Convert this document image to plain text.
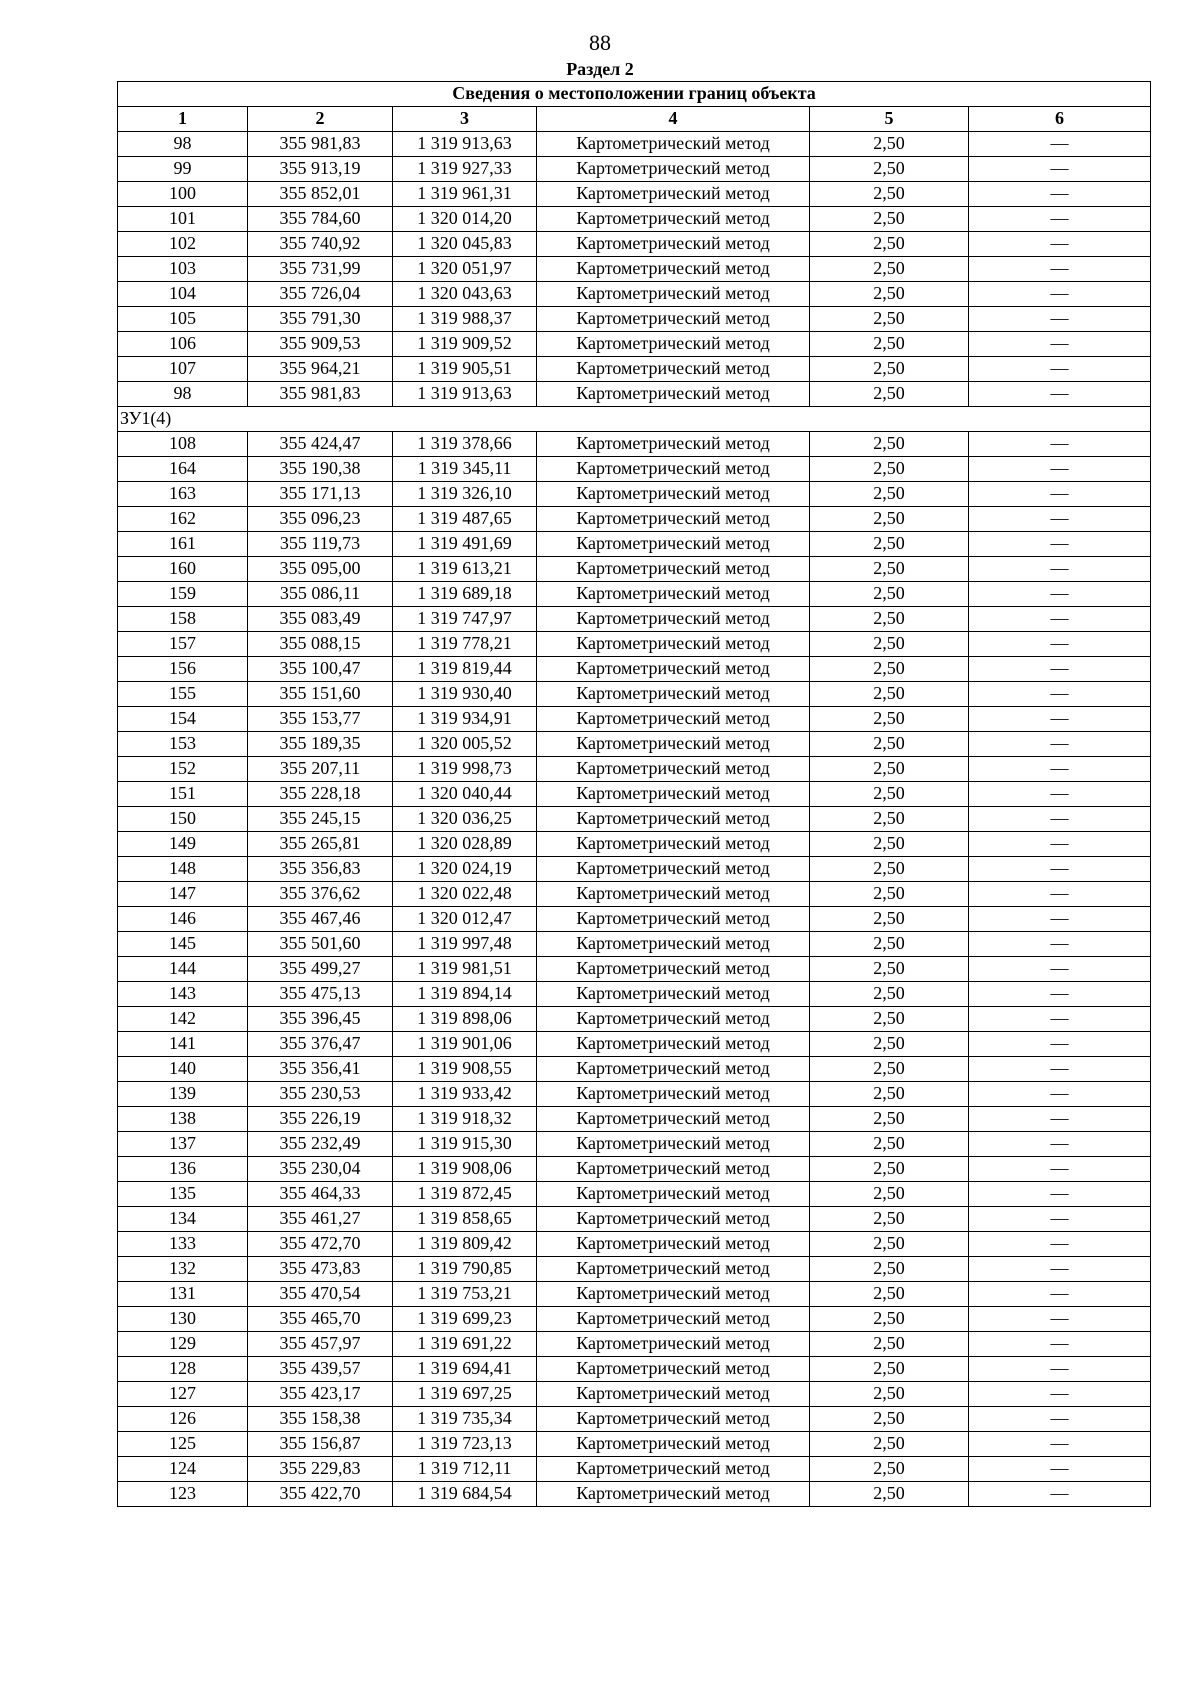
88
Раздел 2
Сведения о местоположении границ объекта					
1	2	3	4	5	6
98	355 981,83	1 319 913,63	Картометрический метод	2,50	—
99	355 913,19	1 319 927,33	Картометрический метод	2,50	—
100	355 852,01	1 319 961,31	Картометрический метод	2,50	—
101	355 784,60	1 320 014,20	Картометрический метод	2,50	—
102	355 740,92	1 320 045,83	Картометрический метод	2,50	—
103	355 731,99	1 320 051,97	Картометрический метод	2,50	—
104	355 726,04	1 320 043,63	Картометрический метод	2,50	—
105	355 791,30	1 319 988,37	Картометрический метод	2,50	—
106	355 909,53	1 319 909,52	Картометрический метод	2,50	—
107	355 964,21	1 319 905,51	Картометрический метод	2,50	—
98	355 981,83	1 319 913,63	Картометрический метод	2,50	—
ЗУ1(4)					
108	355 424,47	1 319 378,66	Картометрический метод	2,50	—
164	355 190,38	1 319 345,11	Картометрический метод	2,50	—
163	355 171,13	1 319 326,10	Картометрический метод	2,50	—
162	355 096,23	1 319 487,65	Картометрический метод	2,50	—
161	355 119,73	1 319 491,69	Картометрический метод	2,50	—
160	355 095,00	1 319 613,21	Картометрический метод	2,50	—
159	355 086,11	1 319 689,18	Картометрический метод	2,50	—
158	355 083,49	1 319 747,97	Картометрический метод	2,50	—
157	355 088,15	1 319 778,21	Картометрический метод	2,50	—
156	355 100,47	1 319 819,44	Картометрический метод	2,50	—
155	355 151,60	1 319 930,40	Картометрический метод	2,50	—
154	355 153,77	1 319 934,91	Картометрический метод	2,50	—
153	355 189,35	1 320 005,52	Картометрический метод	2,50	—
152	355 207,11	1 319 998,73	Картометрический метод	2,50	—
151	355 228,18	1 320 040,44	Картометрический метод	2,50	—
150	355 245,15	1 320 036,25	Картометрический метод	2,50	—
149	355 265,81	1 320 028,89	Картометрический метод	2,50	—
148	355 356,83	1 320 024,19	Картометрический метод	2,50	—
147	355 376,62	1 320 022,48	Картометрический метод	2,50	—
146	355 467,46	1 320 012,47	Картометрический метод	2,50	—
145	355 501,60	1 319 997,48	Картометрический метод	2,50	—
144	355 499,27	1 319 981,51	Картометрический метод	2,50	—
143	355 475,13	1 319 894,14	Картометрический метод	2,50	—
142	355 396,45	1 319 898,06	Картометрический метод	2,50	—
141	355 376,47	1 319 901,06	Картометрический метод	2,50	—
140	355 356,41	1 319 908,55	Картометрический метод	2,50	—
139	355 230,53	1 319 933,42	Картометрический метод	2,50	—
138	355 226,19	1 319 918,32	Картометрический метод	2,50	—
137	355 232,49	1 319 915,30	Картометрический метод	2,50	—
136	355 230,04	1 319 908,06	Картометрический метод	2,50	—
135	355 464,33	1 319 872,45	Картометрический метод	2,50	—
134	355 461,27	1 319 858,65	Картометрический метод	2,50	—
133	355 472,70	1 319 809,42	Картометрический метод	2,50	—
132	355 473,83	1 319 790,85	Картометрический метод	2,50	—
131	355 470,54	1 319 753,21	Картометрический метод	2,50	—
130	355 465,70	1 319 699,23	Картометрический метод	2,50	—
129	355 457,97	1 319 691,22	Картометрический метод	2,50	—
128	355 439,57	1 319 694,41	Картометрический метод	2,50	—
127	355 423,17	1 319 697,25	Картометрический метод	2,50	—
126	355 158,38	1 319 735,34	Картометрический метод	2,50	—
125	355 156,87	1 319 723,13	Картометрический метод	2,50	—
124	355 229,83	1 319 712,11	Картометрический метод	2,50	—
123	355 422,70	1 319 684,54	Картометрический метод	2,50	—
